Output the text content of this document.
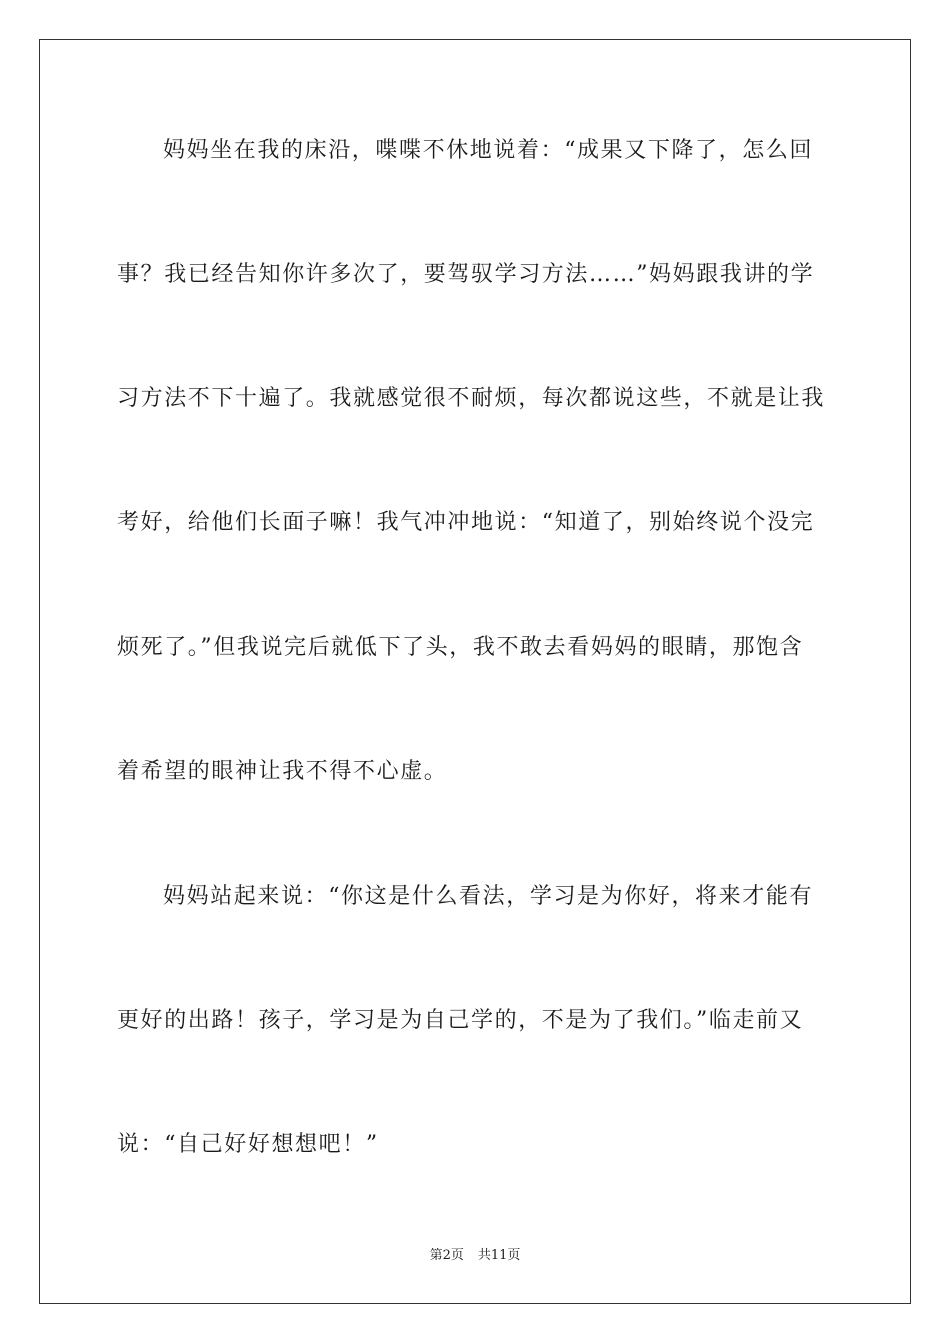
妈妈坐在我的床沿，喋喋不休地说着：“成果又下降了，怎么回
事？我已经告知你许多次了，要驾驭学习方法……”妈妈跟我讲的学
习方法不下十遍了。我就感觉很不耐烦，每次都说这些，不就是让我
考好，给他们长面子嘛！我气冲冲地说：“知道了，别始终说个没完
烦死了。”但我说完后就低下了头，我不敢去看妈妈的眼睛，那饱含
着希望的眼神让我不得不心虚。
妈妈站起来说：“你这是什么看法，学习是为你好，将来才能有
更好的出路！孩子，学习是为自己学的，不是为了我们。”临走前又
说：“自己好好想想吧！”
第2页 共11页
